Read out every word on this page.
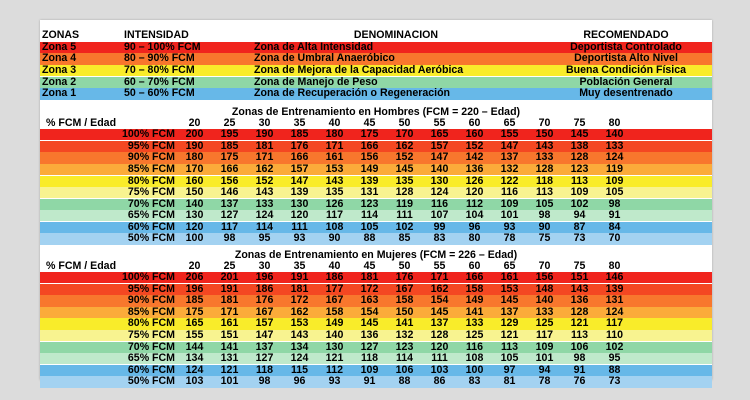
ZONAS	INTENSIDAD	DENOMINACIÓN	RECOMENDADO
Zona 5	90 – 100% FCM	Zona de Alta Intensidad	Deportista Controlado
Zona 4	80 – 90% FCM	Zona de Umbral Anaeróbico	Deportista Alto Nivel
Zona 3	70 – 80% FCM	Zona de Mejora de la Capacidad Aeróbica	Buena Condición Física
Zona 2	60 – 70% FCM	Zona de Manejo de Peso	Población General
Zona 1	50 – 60% FCM	Zona de Recuperación o Regeneración	Muy desentrenado
Zonas de Entrenamiento en Hombres (FCM = 220 – Edad)
% FCM / Edad	20	25	30	35	40	45	50	55	60	65	70	75	80
100% FCM	200	195	190	185	180	175	170	165	160	155	150	145	140
95% FCM	190	185	181	176	171	166	162	157	152	147	143	138	133
90% FCM	180	175	171	166	161	156	152	147	142	137	133	128	124
85% FCM	170	166	162	157	153	149	145	140	136	132	128	123	119
80% FCM	160	156	152	147	143	139	135	130	126	122	118	113	109
75% FCM	150	146	143	139	135	131	128	124	120	116	113	109	105
70% FCM	140	137	133	130	126	123	119	116	112	109	105	102	98
65% FCM	130	127	124	120	117	114	111	107	104	101	98	94	91
60% FCM	120	117	114	111	108	105	102	99	96	93	90	87	84
50% FCM	100	98	95	93	90	88	85	83	80	78	75	73	70
Zonas de Entrenamiento en Mujeres (FCM = 226 – Edad)
% FCM / Edad	20	25	30	35	40	45	50	55	60	65	70	75	80
100% FCM	206	201	196	191	186	181	176	171	166	161	156	151	146
95% FCM	196	191	186	181	177	172	167	162	158	153	148	143	139
90% FCM	185	181	176	172	167	163	158	154	149	145	140	136	131
85% FCM	175	171	167	162	158	154	150	145	141	137	133	128	124
80% FCM	165	161	157	153	149	145	141	137	133	129	125	121	117
75% FCM	155	151	147	143	140	136	132	128	125	121	117	113	110
70% FCM	144	141	137	134	130	127	123	120	116	113	109	106	102
65% FCM	134	131	127	124	121	118	114	111	108	105	101	98	95
60% FCM	124	121	118	115	112	109	106	103	100	97	94	91	88
50% FCM	103	101	98	96	93	91	88	86	83	81	78	76	73
